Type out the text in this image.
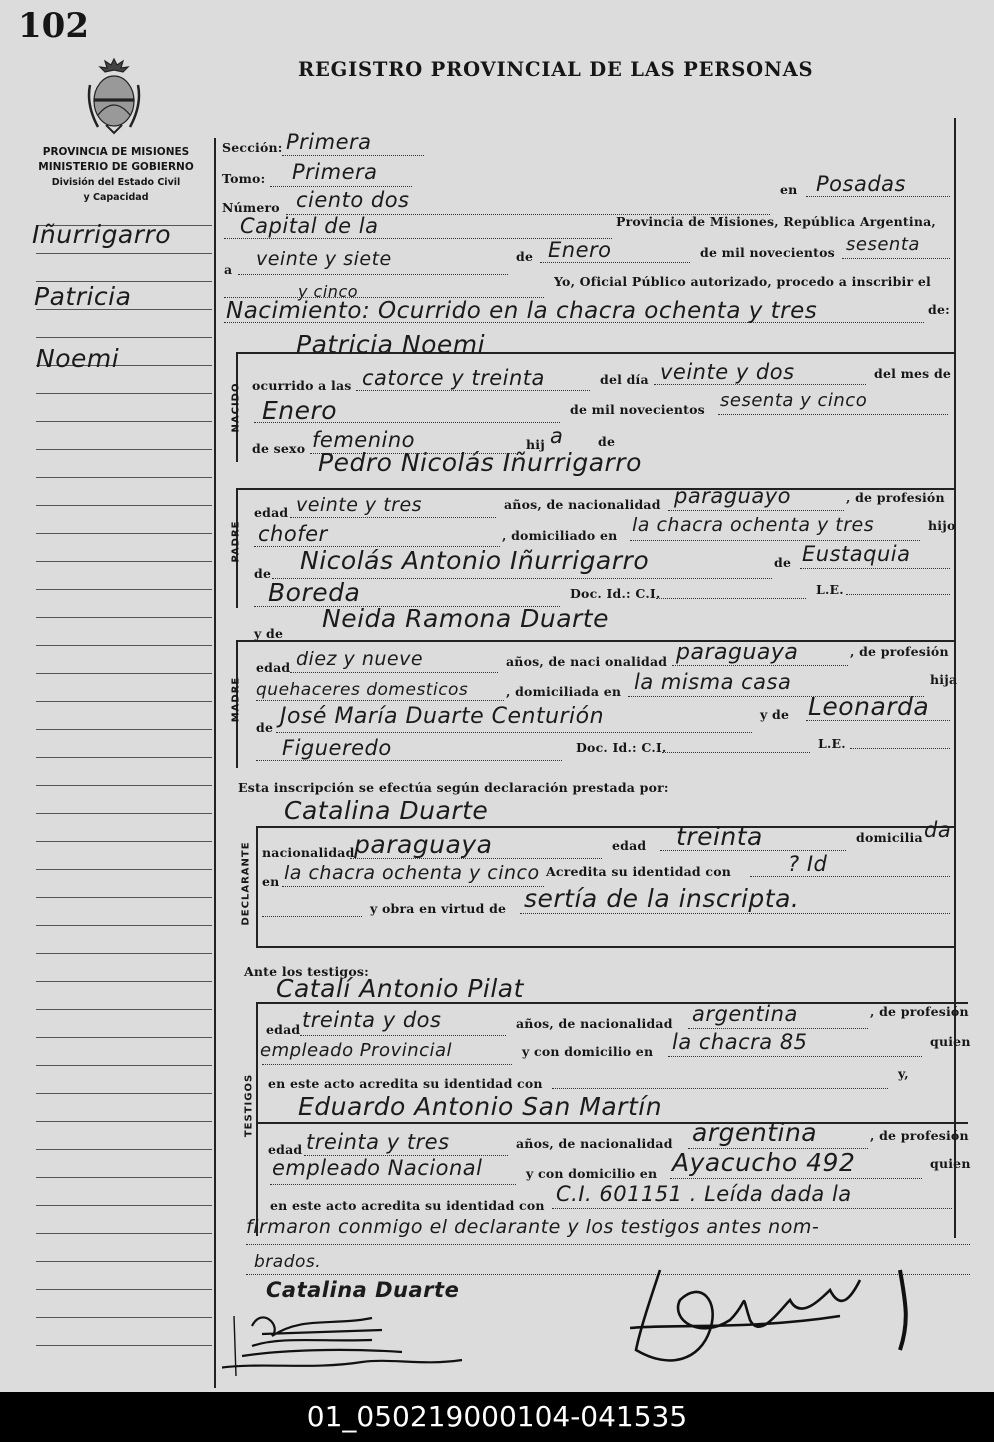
102
REGISTRO PROVINCIAL DE LAS PERSONAS
PROVINCIA DE MISIONES
MINISTERIO DE GOBIERNO
División del Estado Civil
y Capacidad
Iñurrigarro
Patricia
Noemi
Sección: Primera
Tomo: Primera
Número ciento dos	en Posadas
Capital de la	Provincia de Misiones, República Argentina,
a veinte y siete	de Enero	de mil novecientos sesenta
y cinco
Yo, Oficial Público autorizado, procedo a inscribir el
Nacimiento: Ocurrido en la chacra ochenta y tres	de:
NACIDO
Patricia Noemi
ocurrido a las catorce y treinta	del día veinte y dos	del mes de
Enero	de mil novecientos sesenta y cinco
de sexo femenino	hij a	de
Pedro Nicolás Iñurrigarro
PADRE
edad veinte y tres	años, de nacionalidad paraguayo	, de profesión
chofer	, domiciliado en la chacra ochenta y tres	hijo
de Nicolás Antonio Iñurrigarro	de Eustaquia
Boreda	Doc. Id.: C.I.	L.E.
y de
Neida Ramona Duarte
MADRE
edad diez y nueve	años, de naci onalidad paraguaya	, de profesión
quehaceres domesticos	, domiciliada en la misma casa	hija
de José María Duarte Centurión	y de Leonarda
Figueredo	Doc. Id.: C.I.	L.E.
Esta inscripción se efectúa según declaración prestada por:
Catalina Duarte
DECLARANTE nacionalidad paraguaya	edad treinta	domicilia da
en la chacra ochenta y cinco Acredita su identidad con	? Id
y obra en virtud de sertía de la inscripta.
Ante los testigos:
Catalí Antonio Pilat
TESTIGOS
edad treinta y dos	años, de nacionalidad argentina	, de profesión
empleado Provincial	y con domicilio en la chacra 85	quien
en este acto acredita su identidad con
y,
Eduardo Antonio San Martín
edad treinta y tres	años, de nacionalidad argentina	, de profesión
empleado Nacional	y con domicilio en Ayacucho 492	quien
en este acto acredita su identidad con C.I. 601151 . Leída dada la
firmaron conmigo el declarante y los testigos antes nom-
brados.
Catalina Duarte
01_050219000104-041535
